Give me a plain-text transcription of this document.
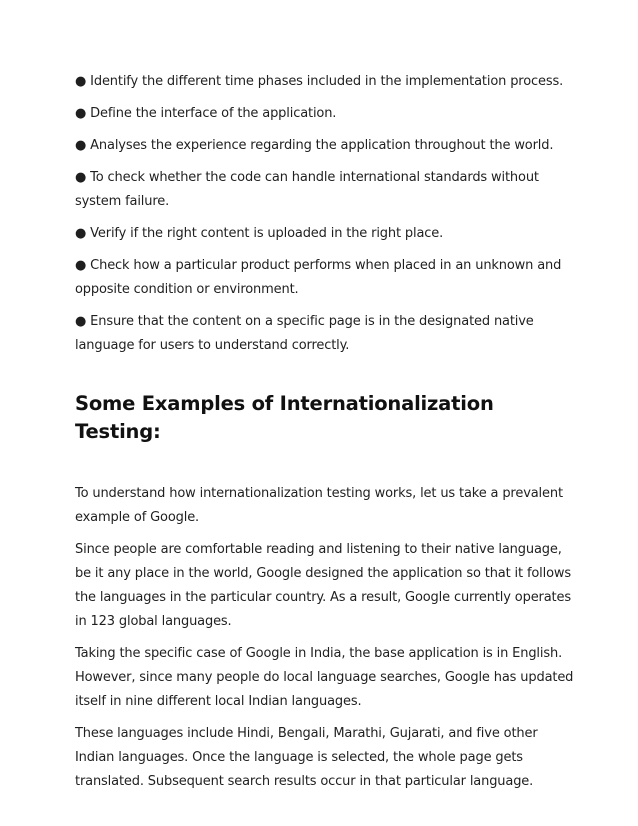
● Identify the different time phases included in the implementation process.

● Define the interface of the application.

● Analyses the experience regarding the application throughout the world.

● To check whether the code can handle international standards without system failure.

● Verify if the right content is uploaded in the right place.

● Check how a particular product performs when placed in an unknown and opposite condition or environment.

● Ensure that the content on a specific page is in the designated native language for users to understand correctly.

Some Examples of Internationalization Testing:

To understand how internationalization testing works, let us take a prevalent example of Google.

Since people are comfortable reading and listening to their native language, be it any place in the world, Google designed the application so that it follows the languages in the particular country. As a result, Google currently operates in 123 global languages.

Taking the specific case of Google in India, the base application is in English. However, since many people do local language searches, Google has updated itself in nine different local Indian languages.

These languages include Hindi, Bengali, Marathi, Gujarati, and five other Indian languages. Once the language is selected, the whole page gets translated. Subsequent search results occur in that particular language.
